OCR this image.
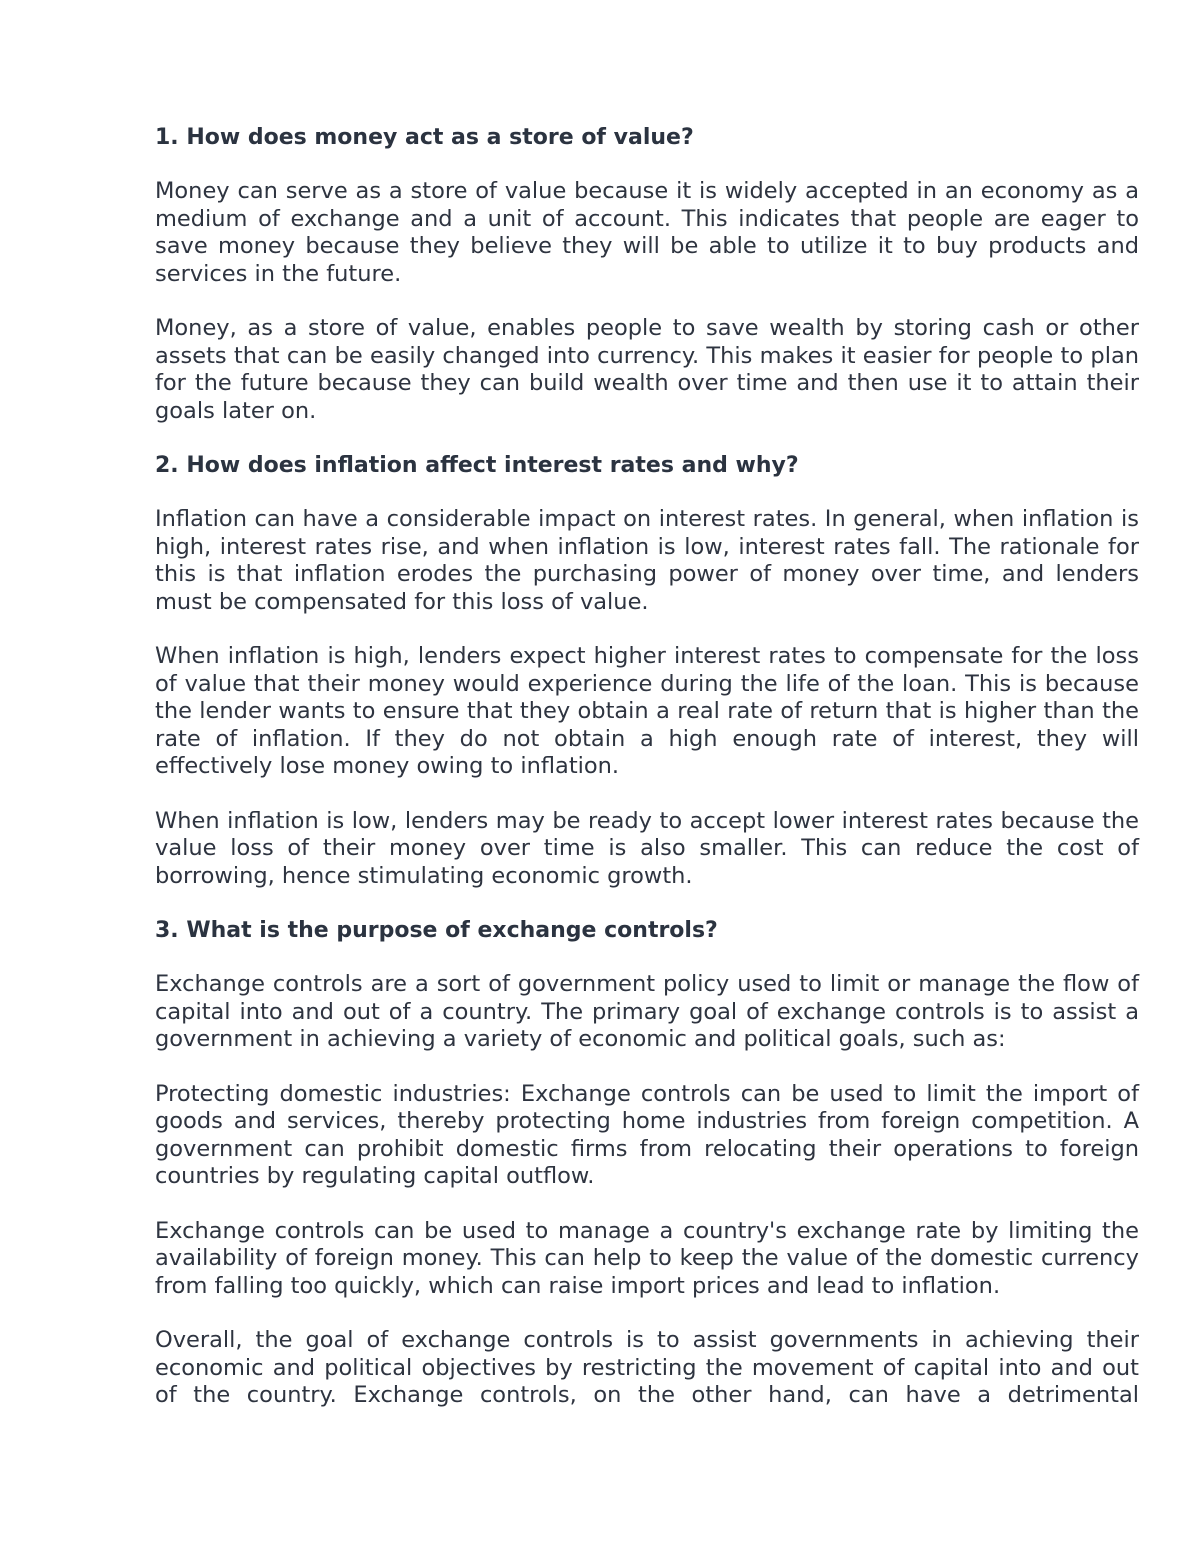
1. How does money act as a store of value?

Money can serve as a store of value because it is widely accepted in an economy as a medium of exchange and a unit of account. This indicates that people are eager to save money because they believe they will be able to utilize it to buy products and services in the future.

Money, as a store of value, enables people to save wealth by storing cash or other assets that can be easily changed into currency. This makes it easier for people to plan for the future because they can build wealth over time and then use it to attain their goals later on.

2. How does inflation affect interest rates and why?

Inflation can have a considerable impact on interest rates. In general, when inflation is high, interest rates rise, and when inflation is low, interest rates fall. The rationale for this is that inflation erodes the purchasing power of money over time, and lenders must be compensated for this loss of value.

When inflation is high, lenders expect higher interest rates to compensate for the loss of value that their money would experience during the life of the loan. This is because the lender wants to ensure that they obtain a real rate of return that is higher than the rate of inflation. If they do not obtain a high enough rate of interest, they will effectively lose money owing to inflation.

When inflation is low, lenders may be ready to accept lower interest rates because the value loss of their money over time is also smaller. This can reduce the cost of borrowing, hence stimulating economic growth.

3. What is the purpose of exchange controls?

Exchange controls are a sort of government policy used to limit or manage the flow of capital into and out of a country. The primary goal of exchange controls is to assist a government in achieving a variety of economic and political goals, such as:

Protecting domestic industries: Exchange controls can be used to limit the import of goods and services, thereby protecting home industries from foreign competition. A government can prohibit domestic firms from relocating their operations to foreign countries by regulating capital outflow.

Exchange controls can be used to manage a country's exchange rate by limiting the availability of foreign money. This can help to keep the value of the domestic currency from falling too quickly, which can raise import prices and lead to inflation.

Overall, the goal of exchange controls is to assist governments in achieving their economic and political objectives by restricting the movement of capital into and out of the country. Exchange controls, on the other hand, can have a detrimental
